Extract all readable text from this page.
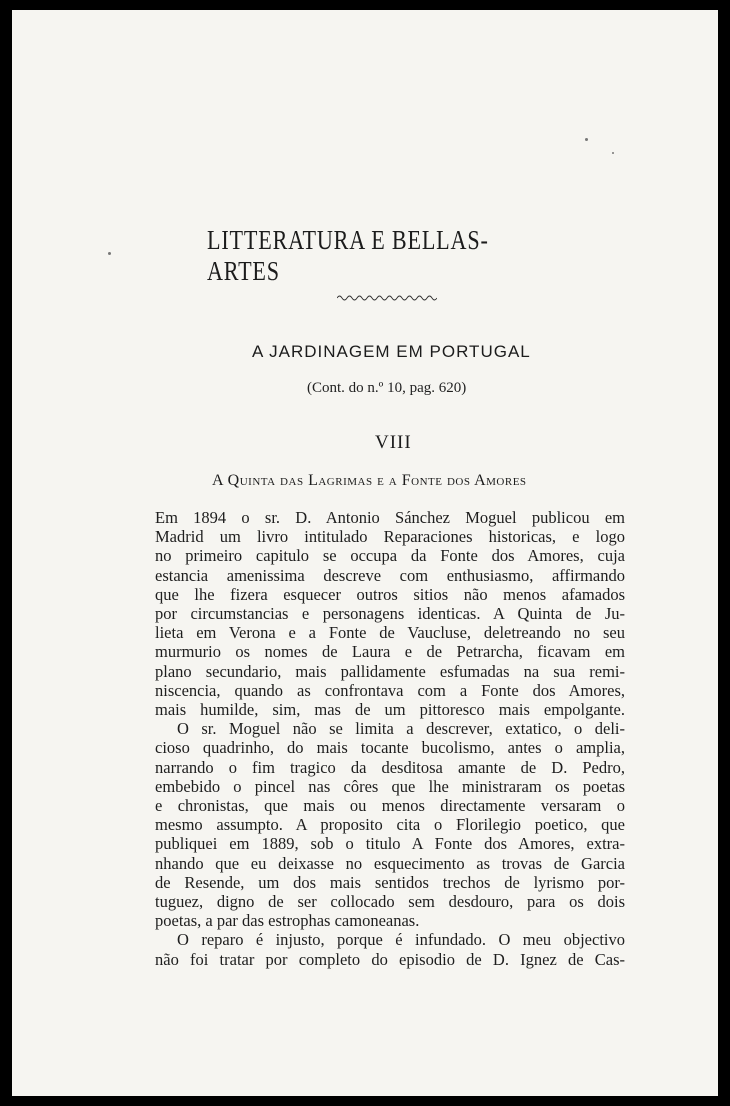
LITTERATURA E BELLAS-ARTES
A JARDINAGEM EM PORTUGAL
(Cont. do n.º 10, pag. 620)
VIII
A Quinta das Lagrimas e a Fonte dos Amores
Em 1894 o sr. D. Antonio Sánchez Moguel publicou em
Madrid um livro intitulado Reparaciones historicas, e logo
no primeiro capitulo se occupa da Fonte dos Amores, cuja
estancia amenissima descreve com enthusiasmo, affirmando
que lhe fizera esquecer outros sitios não menos afamados
por circumstancias e personagens identicas. A Quinta de Ju-
lieta em Verona e a Fonte de Vaucluse, deletreando no seu
murmurio os nomes de Laura e de Petrarcha, ficavam em
plano secundario, mais pallidamente esfumadas na sua remi-
niscencia, quando as confrontava com a Fonte dos Amores,
mais humilde, sim, mas de um pittoresco mais empolgante.
O sr. Moguel não se limita a descrever, extatico, o deli-
cioso quadrinho, do mais tocante bucolismo, antes o amplia,
narrando o fim tragico da desditosa amante de D. Pedro,
embebido o pincel nas côres que lhe ministraram os poetas
e chronistas, que mais ou menos directamente versaram o
mesmo assumpto. A proposito cita o Florilegio poetico, que
publiquei em 1889, sob o titulo A Fonte dos Amores, extra-
nhando que eu deixasse no esquecimento as trovas de Garcia
de Resende, um dos mais sentidos trechos de lyrismo por-
tuguez, digno de ser collocado sem desdouro, para os dois
poetas, a par das estrophas camoneanas.
O reparo é injusto, porque é infundado. O meu objectivo
não foi tratar por completo do episodio de D. Ignez de Cas-
